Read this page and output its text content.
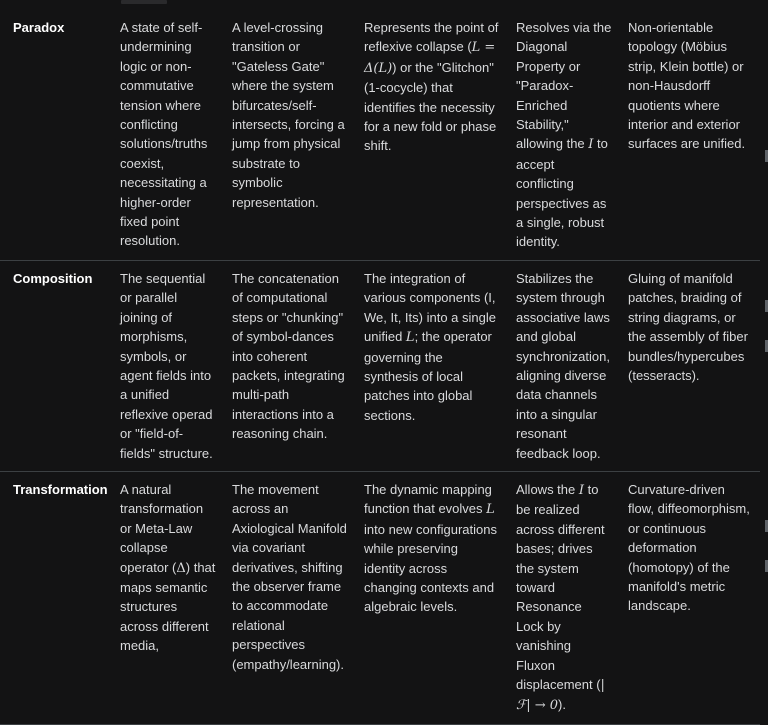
Paradox	A state of self-undermining logic or non-commutative tension where conflicting solutions/truths coexist, necessitating a higher-order fixed point resolution.	A level-crossing transition or "Gateless Gate" where the system bifurcates/self-intersects, forcing a jump from physical substrate to symbolic representation.	Represents the point of reflexive collapse (L = Δ(L)) or the "Glitchon" (1-cocycle) that identifies the necessity for a new fold or phase shift.	Resolves via the Diagonal Property or "Paradox-Enriched Stability," allowing the I to accept conflicting perspectives as a single, robust identity.	Non-orientable topology (Möbius strip, Klein bottle) or non-Hausdorff quotients where interior and exterior surfaces are unified.
Composition	The sequential or parallel joining of morphisms, symbols, or agent fields into a unified reflexive operad or "field-of-fields" structure.	The concatenation of computational steps or "chunking" of symbol-dances into coherent packets, integrating multi-path interactions into a reasoning chain.	The integration of various components (I, We, It, Its) into a single unified L; the operator governing the synthesis of local patches into global sections.	Stabilizes the system through associative laws and global synchronization, aligning diverse data channels into a singular resonant feedback loop.	Gluing of manifold patches, braiding of string diagrams, or the assembly of fiber bundles/hypercubes (tesseracts).
Transformation	A natural transformation or Meta-Law collapse operator (Δ) that maps semantic structures across different media,	The movement across an Axiological Manifold via covariant derivatives, shifting the observer frame to accommodate relational perspectives (empathy/learning).	The dynamic mapping function that evolves L into new configurations while preserving identity across changing contexts and algebraic levels.	Allows the I to be realized across different bases; drives the system toward Resonance Lock by vanishing Fluxon displacement (|ℱ| → 0).	Curvature-driven flow, diffeomorphism, or continuous deformation (homotopy) of the manifold's metric landscape.
